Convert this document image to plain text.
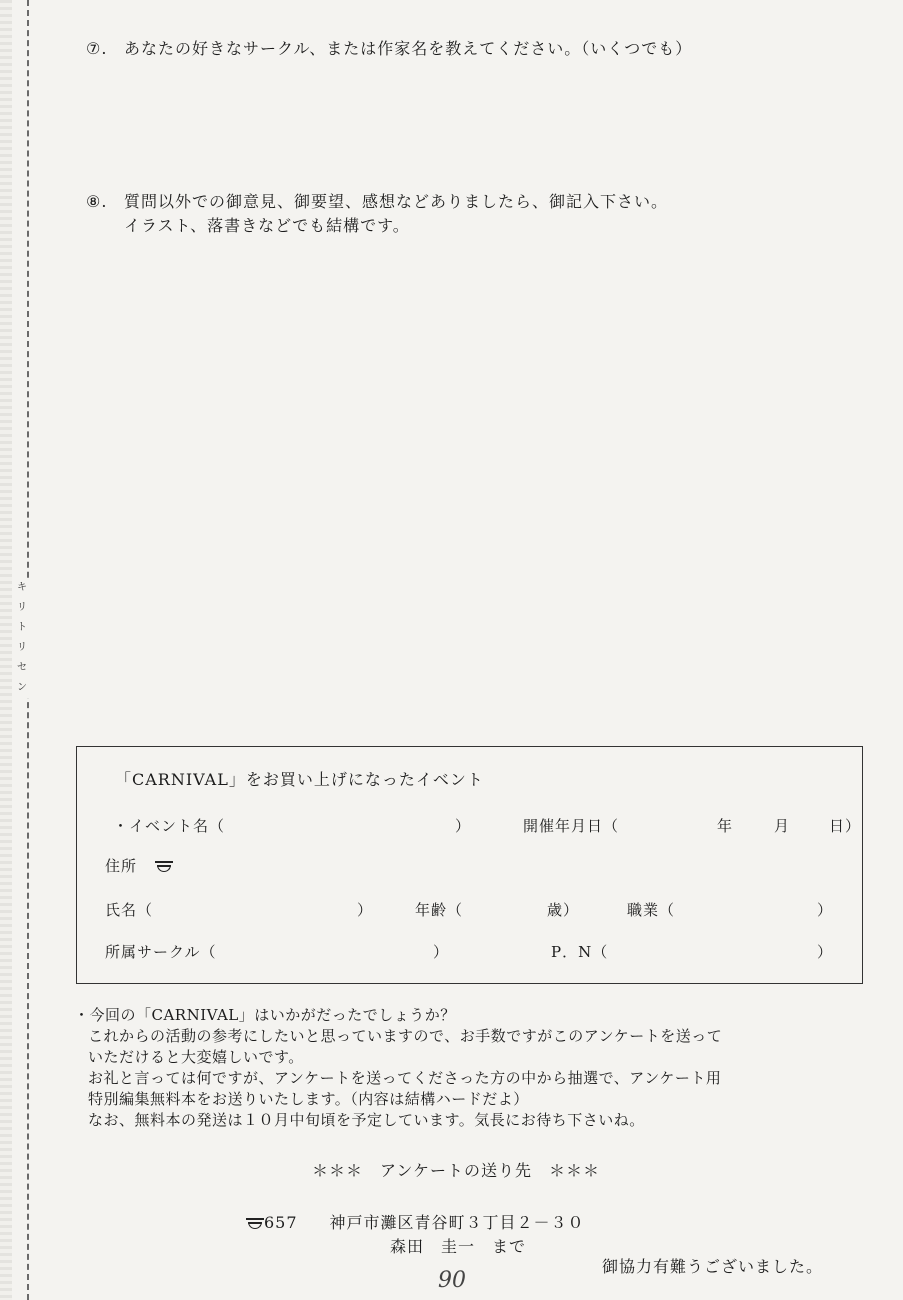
キ
リ
ト
リ
セ
ン
⑦. あなたの好きなサークル、または作家名を教えてください。（いくつでも）
⑧. 質問以外での御意見、御要望、感想などありましたら、御記入下さい。
イラスト、落書きなどでも結構です。
「CARNIVAL」をお買い上げになったイベント
・イベント名（	）	開催年月日（	年	月	日）
住所
氏名（	）	年齢（	歳）	職業（	）
所属サークル（	）	P．N（	）
・今回の「CARNIVAL」はいかがだったでしょうか？
これからの活動の参考にしたいと思っていますので、お手数ですがこのアンケートを送って
いただけると大変嬉しいです。
お礼と言っては何ですが、アンケートを送ってくださった方の中から抽選で、アンケート用
特別編集無料本をお送りいたします。（内容は結構ハードだよ）
なお、無料本の発送は１０月中旬頃を予定しています。気長にお待ち下さいね。
＊＊＊　アンケートの送り先　＊＊＊
657 神戸市灘区青谷町３丁目２－３０
森田　圭一　まで
御協力有難うございました。
90
